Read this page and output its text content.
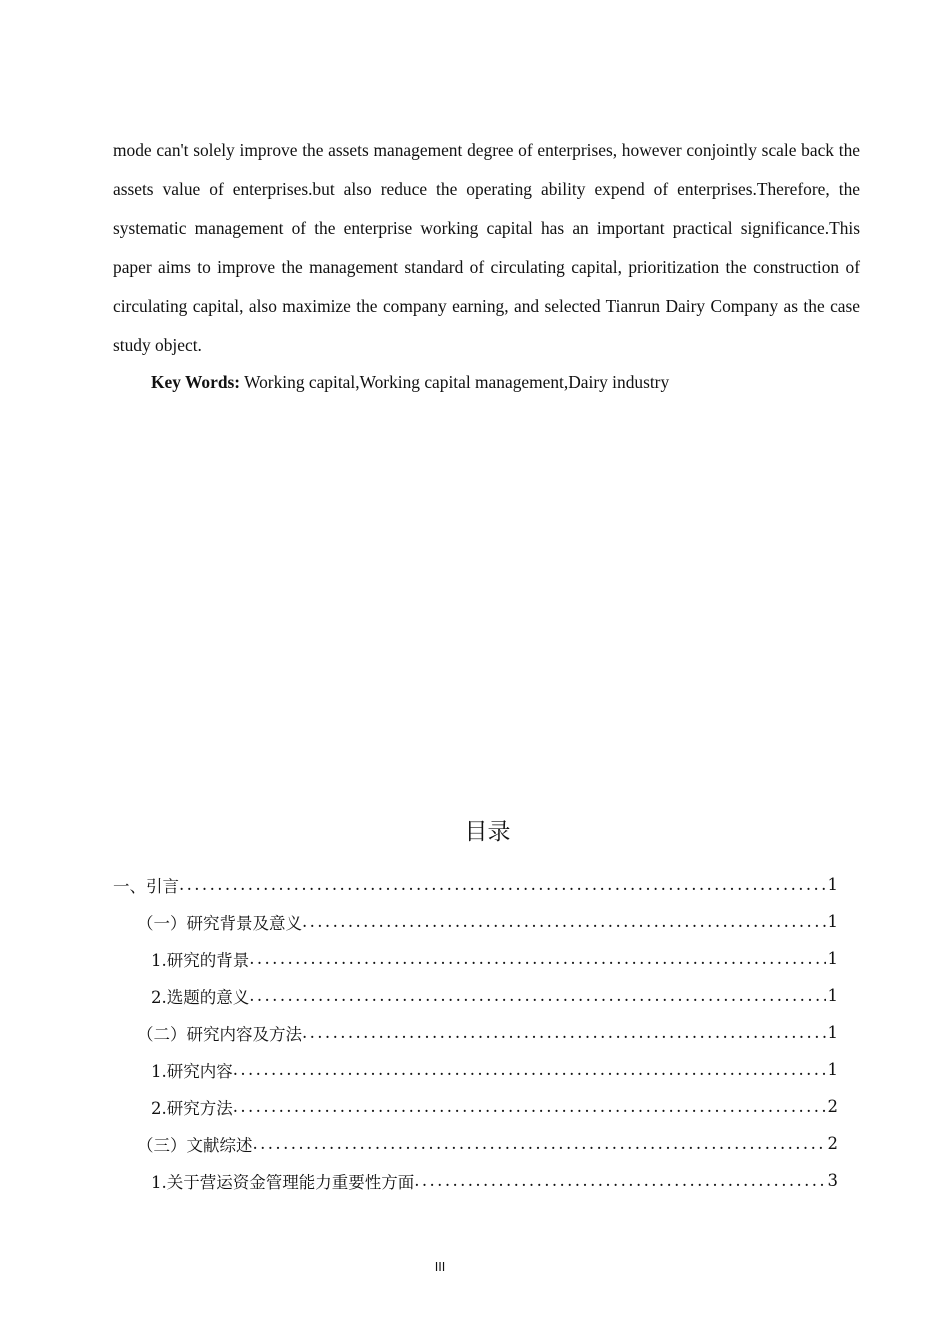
mode can't solely improve the assets management degree of enterprises, however conjointly scale back the assets value of enterprises.but also reduce the operating ability expend of enterprises.Therefore, the systematic management of the enterprise working capital has an important practical significance.This paper aims to improve the management standard of circulating capital, prioritization the construction of circulating capital, also maximize the company earning, and selected Tianrun Dairy Company as the case study object.

Key Words: Working capital,Working capital management,Dairy industry

目录
一、引言 .....	1
（一）研究背景及意义 .....	1
1.研究的背景 .....	1
2.选题的意义 .....	1
（二）研究内容及方法 .....	1
1.研究内容 .....	1
2.研究方法 .....	2
（三）文献综述 .....	2
1.关于营运资金管理能力重要性方面 .....	3
III
